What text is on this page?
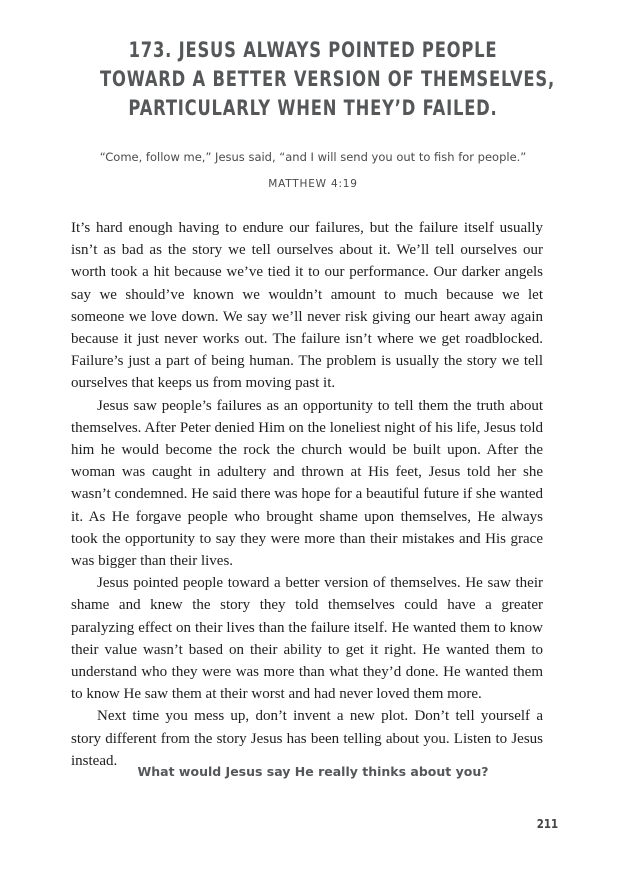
173. JESUS ALWAYS POINTED PEOPLE
TOWARD A BETTER VERSION OF THEMSELVES,
PARTICULARLY WHEN THEY’D FAILED.
“Come, follow me,” Jesus said, “and I will send you out to fish for people.”
MATTHEW 4:19

It’s hard enough having to endure our failures, but the failure itself usually isn’t as bad as the story we tell ourselves about it. We’ll tell ourselves our worth took a hit because we’ve tied it to our performance. Our darker angels say we should’ve known we wouldn’t amount to much because we let someone we love down. We say we’ll never risk giving our heart away again because it just never works out. The failure isn’t where we get roadblocked. Failure’s just a part of being human. The problem is usually the story we tell ourselves that keeps us from moving past it.

Jesus saw people’s failures as an opportunity to tell them the truth about themselves. After Peter denied Him on the loneliest night of his life, Jesus told him he would become the rock the church would be built upon. After the woman was caught in adultery and thrown at His feet, Jesus told her she wasn’t condemned. He said there was hope for a beautiful future if she wanted it. As He forgave people who brought shame upon themselves, He always took the opportunity to say they were more than their mistakes and His grace was bigger than their lives.

Jesus pointed people toward a better version of themselves. He saw their shame and knew the story they told themselves could have a greater paralyzing effect on their lives than the failure itself. He wanted them to know their value wasn’t based on their ability to get it right. He wanted them to understand who they were was more than what they’d done. He wanted them to know He saw them at their worst and had never loved them more.

Next time you mess up, don’t invent a new plot. Don’t tell yourself a story different from the story Jesus has been telling about you. Listen to Jesus instead.

What would Jesus say He really thinks about you?
211
